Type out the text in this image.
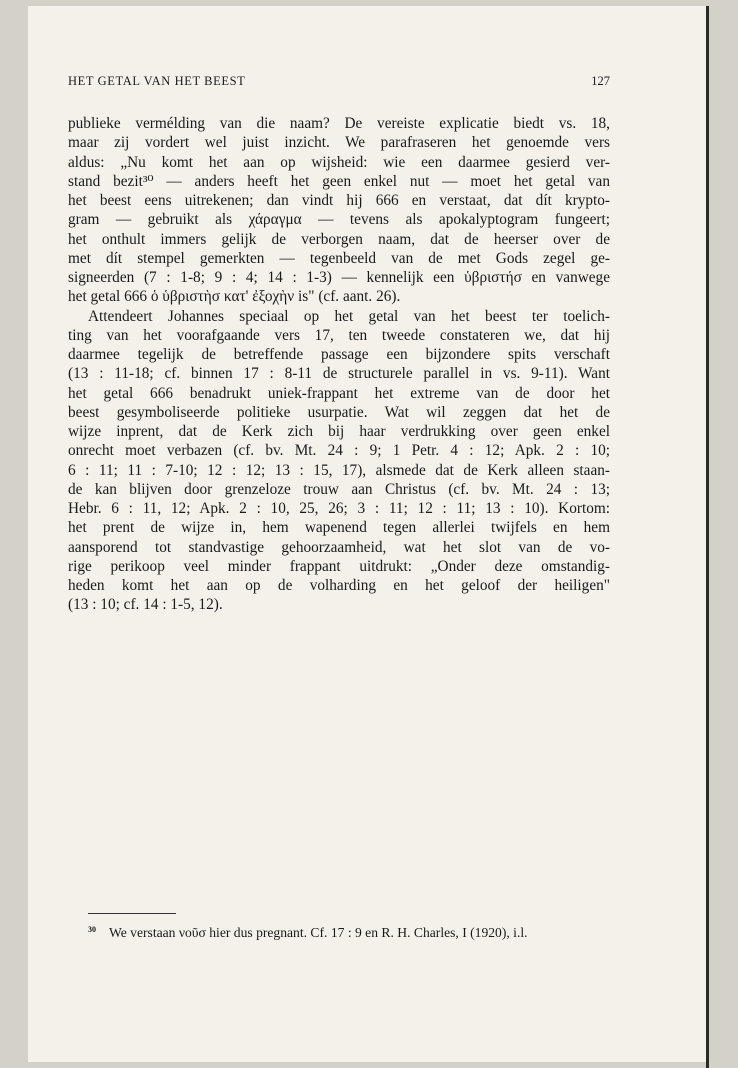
HET GETAL VAN HET BEEST	127
publieke vermélding van die naam? De vereiste explicatie biedt vs. 18,
maar zij vordert wel juist inzicht. We parafraseren het genoemde vers
aldus: „Nu komt het aan op wijsheid: wie een daarmee gesierd ver-
stand bezit³⁰ — anders heeft het geen enkel nut — moet het getal van
het beest eens uitrekenen; dan vindt hij 666 en verstaat, dat dít krypto-
gram — gebruikt als χάραγμα — tevens als apokalyptogram fungeert;
het onthult immers gelijk de verborgen naam, dat de heerser over de
met dít stempel gemerkten — tegenbeeld van de met Gods zegel ge-
signeerden (7 : 1-8; 9 : 4; 14 : 1-3) — kennelijk een ὑβριστήσ en vanwege
het getal 666 ὁ ὑβριστὴσ κατ' ἐξοχὴν is" (cf. aant. 26).
Attendeert Johannes speciaal op het getal van het beest ter toelich-
ting van het voorafgaande vers 17, ten tweede constateren we, dat hij
daarmee tegelijk de betreffende passage een bijzondere spits verschaft
(13 : 11-18; cf. binnen 17 : 8-11 de structurele parallel in vs. 9-11). Want
het getal 666 benadrukt uniek-frappant het extreme van de door het
beest gesymboliseerde politieke usurpatie. Wat wil zeggen dat het de
wijze inprent, dat de Kerk zich bij haar verdrukking over geen enkel
onrecht moet verbazen (cf. bv. Mt. 24 : 9; 1 Petr. 4 : 12; Apk. 2 : 10;
6 : 11; 11 : 7-10; 12 : 12; 13 : 15, 17), alsmede dat de Kerk alleen staan-
de kan blijven door grenzeloze trouw aan Christus (cf. bv. Mt. 24 : 13;
Hebr. 6 : 11, 12; Apk. 2 : 10, 25, 26; 3 : 11; 12 : 11; 13 : 10). Kortom:
het prent de wijze in, hem wapenend tegen allerlei twijfels en hem
aansporend tot standvastige gehoorzaamheid, wat het slot van de vo-
rige perikoop veel minder frappant uitdrukt: „Onder deze omstandig-
heden komt het aan op de volharding en het geloof der heiligen"
(13 : 10; cf. 14 : 1-5, 12).
$^{30}$ We verstaan νοῦσ hier dus pregnant. Cf. 17 : 9 en R. H. Charles, I (1920), i.l.
